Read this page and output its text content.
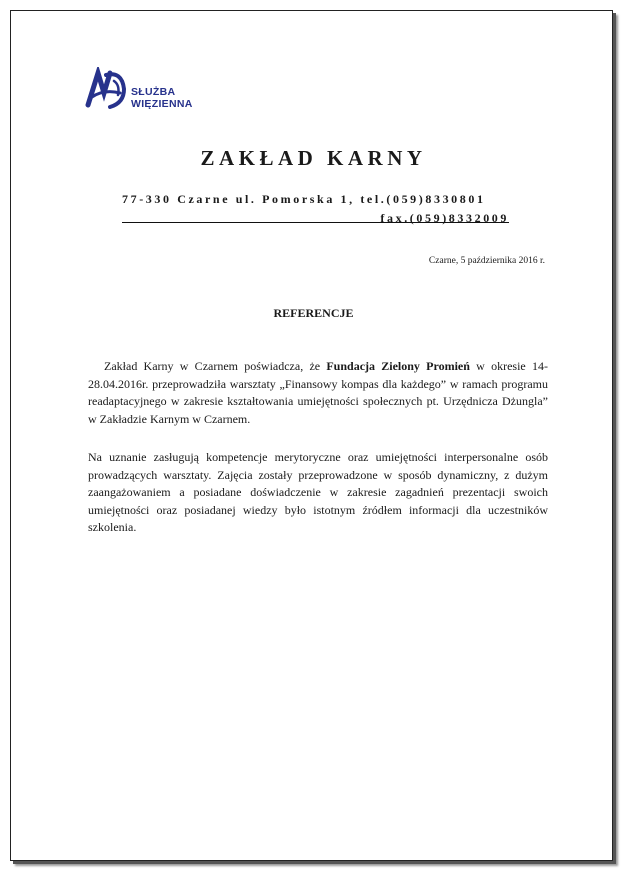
SŁUŻBA
WIĘZIENNA
ZAKŁAD KARNY
77-330 Czarne ul. Pomorska 1, tel.(059)8330801
fax.(059)8332009
Czarne, 5 października 2016 r.
REFERENCJE
Zakład Karny w Czarnem poświadcza, że Fundacja Zielony Promień w okresie 14-28.04.2016r. przeprowadziła warsztaty „Finansowy kompas dla każdego” w ramach programu readaptacyjnego w zakresie kształtowania umiejętności społecznych pt. Urzędnicza Dżungla” w Zakładzie Karnym w Czarnem.
Na uznanie zasługują kompetencje merytoryczne oraz umiejętności interpersonalne osób prowadzących warsztaty. Zajęcia zostały przeprowadzone w sposób dynamiczny, z dużym zaangażowaniem a posiadane doświadczenie w zakresie zagadnień prezentacji swoich umiejętności oraz posiadanej wiedzy było istotnym źródłem informacji dla uczestników szkolenia.
